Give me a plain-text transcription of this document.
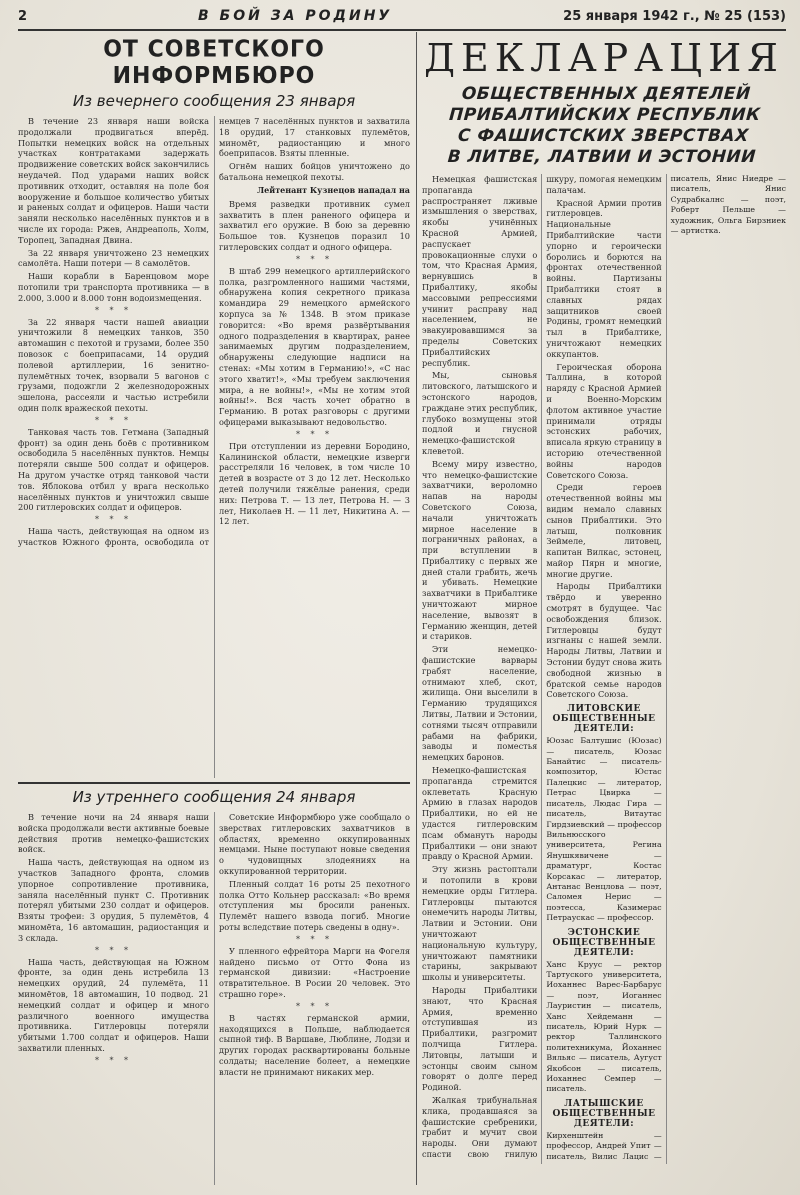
2	В БОЙ ЗА РОДИНУ	25 января 1942 г., № 25 (153)
ОТ СОВЕТСКОГО ИНФОРМБЮРО
Из вечернего сообщения 23 января

В течение 23 января наши войска продолжали продвигаться вперёд. Попытки немецких войск на отдельных участках контратаками задержать продвижение советских войск закончились неудачей. Под ударами наших войск противник отходит, оставляя на поле боя вооружение и большое количество убитых и раненых солдат и офицеров. Наши части заняли несколько населённых пунктов и в числе их города: Ржев, Андреаполь, Холм, Торопец, Западная Двина.

За 22 января уничтожено 23 немецких самолёта. Наши потери — 8 самолётов.

Наши корабли в Баренцовом море потопили три транспорта противника — в 2.000, 3.000 и 8.000 тонн водоизмещения.

* * *

За 22 января части нашей авиации уничтожили 8 немецких танков, 350 автомашин с пехотой и грузами, более 350 повозок с боеприпасами, 14 орудий полевой артиллерии, 16 зенитно-пулемётных точек, взорвали 5 вагонов с грузами, подожгли 2 железнодорожных эшелона, рассеяли и частью истребили один полк вражеской пехоты.

* * *

Танковая часть тов. Гетмана (Западный фронт) за один день боёв с противником освободила 5 населённых пунктов. Немцы потеряли свыше 500 солдат и офицеров. На другом участке отряд танковой части тов. Яблокова отбил у врага несколько населённых пунктов и уничтожил свыше 200 гитлеровских солдат и офицеров.

* * *

Наша часть, действующая на одном из участков Южного фронта, освободила от немцев 7 населённых пунктов и захватила 18 орудий, 17 станковых пулемётов, миномёт, радиостанцию и много боеприпасов. Взяты пленные.

Огнём наших бойцов уничтожено до батальона немецкой пехоты.

Лейтенант Кузнецов нападал на

Время разведки противник сумел захватить в плен раненого офицера и захватил его оружие. В бою за деревню Большое тов. Кузнецов поразил 10 гитлеровских солдат и одного офицера.

* * *

В штаб 299 немецкого артиллерийского полка, разгромленного нашими частями, обнаружена копия секретного приказа командира 29 немецкого армейского корпуса за № 1348. В этом приказе говорится: «Во время развёртывания одного подразделения в квартирах, ранее занимаемых другим подразделением, обнаружены следующие надписи на стенах: «Мы хотим в Германию!», «С нас этого хватит!», «Мы требуем заключения мира, а не войны!», «Мы не хотим этой войны!». Вся часть хочет обратно в Германию. В ротах разговоры с другими офицерами выказывают недовольство.

* * *

При отступлении из деревни Бородино, Калининской области, немецкие изверги расстреляли 16 человек, в том числе 10 детей в возрасте от 3 до 12 лет. Несколько детей получили тяжёлые ранения, среди них: Петрова Т. — 13 лет, Петрова Н. — 3 лет, Николаев Н. — 11 лет, Никитина А. — 12 лет.

Из утреннего сообщения 24 января

В течение ночи на 24 января наши войска продолжали вести активные боевые действия против немецко-фашистских войск.

Наша часть, действующая на одном из участков Западного фронта, сломив упорное сопротивление противника, заняла населённый пункт С. Противник потерял убитыми 230 солдат и офицеров. Взяты трофеи: 3 орудия, 5 пулемётов, 4 миномёта, 16 автомашин, радиостанция и 3 склада.

* * *

Наша часть, действующая на Южном фронте, за один день истребила 13 немецких орудий, 24 пулемёта, 11 миномётов, 18 автомашин, 10 подвод. 21 немецкий солдат и офицер и много различного военного имущества противника. Гитлеровцы потеряли убитыми 1.700 солдат и офицеров. Наши захватили пленных.

* * *

Советские Информбюро уже сообщало о зверствах гитлеровских захватчиков в областях, временно оккупированных немцами. Ныне поступают новые сведения о чудовищных злодеяниях на оккупированной территории.

Пленный солдат 16 роты 25 пехотного полка Отто Кольнер рассказал: «Во время отступления мы бросили раненых. Пулемёт нашего взвода погиб. Многие роты вследствие потерь сведены в одну».

* * *

У пленного ефрейтора Марги на Фогеля найдено письмо от Отто Фона из германской дивизии: «Настроение отвратительное. В Росии 20 человек. Это страшно горе».

* * *

В частях германской армии, находящихся в Польше, наблюдается сыпной тиф. В Варшаве, Люблине, Лодзи и других городах расквартированы больные солдаты; население болеет, а немецкие власти не принимают никаких мер.

ДЕКЛАРАЦИЯ
ОБЩЕСТВЕННЫХ ДЕЯТЕЛЕЙ ПРИБАЛТИЙСКИХ РЕСПУБЛИК
С ФАШИСТСКИХ ЗВЕРСТВАХ
В ЛИТВЕ, ЛАТВИИ И ЭСТОНИИ

Немецкая фашистская пропаганда распространяет лживые измышления о зверствах, якобы учинённых Красной Армией, распускает провокационные слухи о том, что Красная Армия, вернувшись в Прибалтику, якобы массовыми репрессиями учинит расправу над населением, не эвакуировавшимся за пределы Советских Прибалтийских республик.

Мы, сыновья литовского, латышского и эстонского народов, граждане этих республик, глубоко возмущены этой подлой и гнусной немецко-фашистской клеветой.

Всему миру известно, что немецко-фашистские захватчики, вероломно напав на народы Советского Союза, начали уничтожать мирное население в пограничных районах, а при вступлении в Прибалтику с первых же дней стали грабить, жечь и убивать. Немецкие захватчики в Прибалтике уничтожают мирное население, вывозят в Германию женщин, детей и стариков.

Эти немецко-фашистские варвары грабят население, отнимают хлеб, скот, жилища. Они выселили в Германию трудящихся Литвы, Латвии и Эстонии, сотнями тысяч отправили рабами на фабрики, заводы и поместья немецких баронов.

Немецко-фашистская пропаганда стремится оклеветать Красную Армию в глазах народов Прибалтики, но ей не удастся гитлеровским псам обмануть народы Прибалтики — они знают правду о Красной Армии.

Эту жизнь растоптали и потопили в крови немецкие орды Гитлера. Гитлеровцы пытаются онемечить народы Литвы, Латвии и Эстонии. Они уничтожают национальную культуру, уничтожают памятники старины, закрывают школы и университеты.

Народы Прибалтики знают, что Красная Армия, временно отступившая из Прибалтики, разгромит полчища Гитлера. Литовцы, латыши и эстонцы своим сыном говорят о долге перед Родиной.

Жалкая трибунальная клика, продавшаяся за фашистские сребреники, грабит и мучит свои народы. Они думают спасти свою гнилую шкуру, помогая немецким палачам.

Красной Армии против гитлеровцев. Национальные Прибалтийские части упорно и героически боролись и борются на фронтах отечественной войны. Партизаны Прибалтики стоят в славных рядах защитников своей Родины, громят немецкий тыл в Прибалтике, уничтожают немецких оккупантов.

Героическая оборона Таллина, в которой наряду с Красной Армией и Военно-Морским флотом активное участие принимали отряды эстонских рабочих, вписала яркую страницу в историю отечественной войны народов Советского Союза.

Среди героев отечественной войны мы видим немало славных сынов Прибалтики. Это латыш, полковник Зеймеле, литовец, капитан Вилкас, эстонец, майор Пярн и многие, многие другие.

Народы Прибалтики твёрдо и уверенно смотрят в будущее. Час освобождения близок. Гитлеровцы будут изгнаны с нашей земли. Народы Литвы, Латвии и Эстонии будут снова жить свободной жизнью в братской семье народов Советского Союза.

ЛИТОВСКИЕ ОБЩЕСТВЕННЫЕ ДЕЯТЕЛИ:

Юозас Балтушис (Юозас) — писатель, Юозас Банайтис — писатель-композитор, Юстас Палецкис — литератор, Петрас Цвирка — писатель, Людас Гира — писатель, Витаутас Гирдзиевский — профессор Вильнюсского университета, Регина Янушкявичене — драматург, Костас Корсакас — литератор, Антанас Венцлова — поэт, Саломея Нерис — поэтесса, Казимерас Петраускас — профессор.

ЭСТОНСКИЕ ОБЩЕСТВЕННЫЕ ДЕЯТЕЛИ:

Ханс Круус — ректор Тартуского университета, Иоханнес Варес-Барбарус — поэт, Иоганнес Лауристин — писатель, Ханс Хейдеманн — писатель, Юрий Нурк — ректор Таллинского политехникума, Йоханнес Вяльяс — писатель, Аугуст Якобсон — писатель, Иоханнес Семпер — писатель.

ЛАТЫШСКИЕ ОБЩЕСТВЕННЫЕ ДЕЯТЕЛИ:

Кирхенштейн — профессор, Андрей Упит — писатель, Вилис Лацис — писатель, Янис Ниедре — писатель, Янис Судрабкалнс — поэт, Роберт Пельше — художник, Ольга Бирзниек — артистка.
